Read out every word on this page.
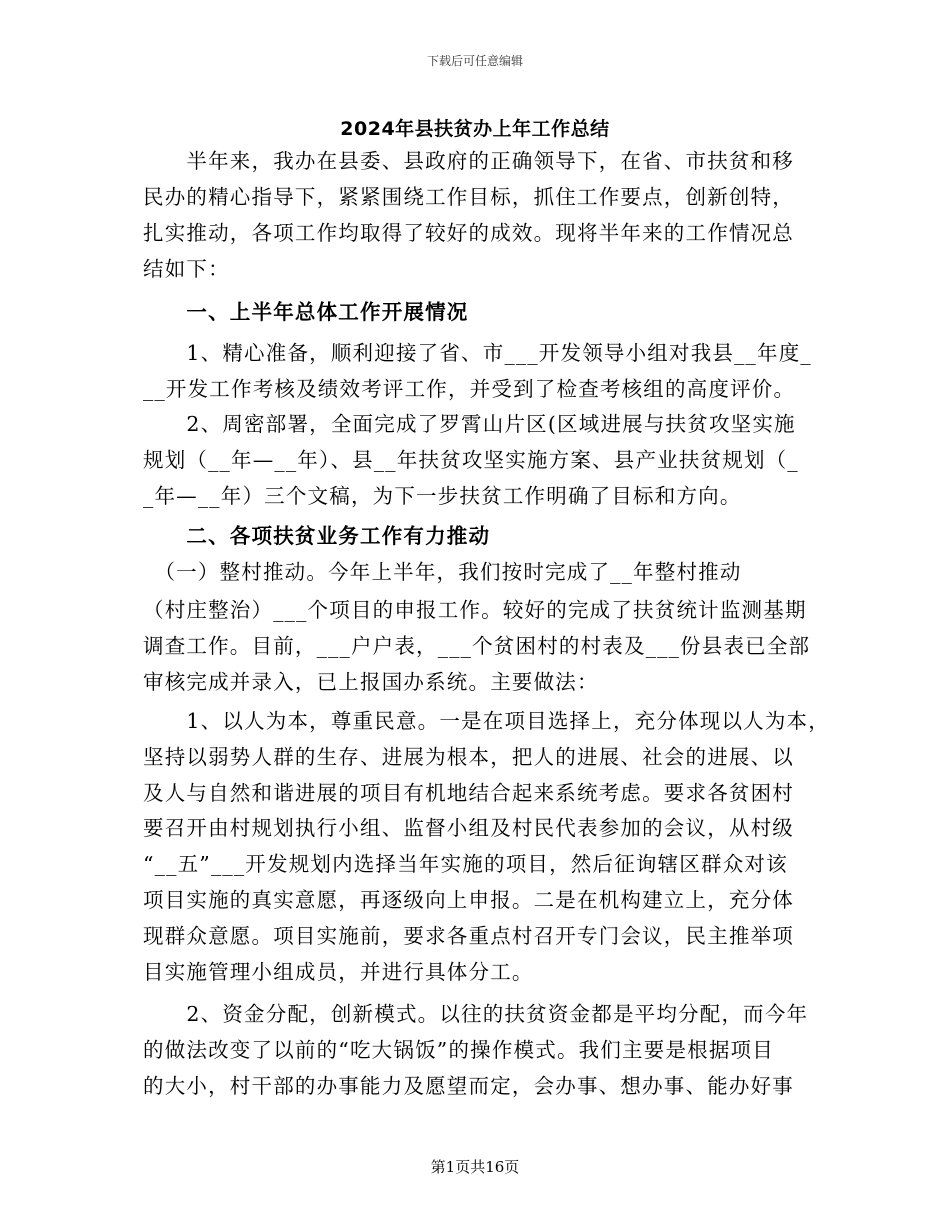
下载后可任意编辑
2024年县扶贫办上年工作总结
　　半年来，我办在县委、县政府的正确领导下，在省、市扶贫和移
民办的精心指导下，紧紧围绕工作目标，抓住工作要点，创新创特，
扎实推动，各项工作均取得了较好的成效。现将半年来的工作情况总
结如下：
　　一、上半年总体工作开展情况
　　1、精心准备，顺利迎接了省、市___开发领导小组对我县__年度_
__开发工作考核及绩效考评工作，并受到了检查考核组的高度评价。
　　2、周密部署，全面完成了罗霄山片区(区域进展与扶贫攻坚实施
规划（__年—__年）、县__年扶贫攻坚实施方案、县产业扶贫规划（_
_年—__年）三个文稿，为下一步扶贫工作明确了目标和方向。
　　二、各项扶贫业务工作有力推动
　（一）整村推动。今年上半年，我们按时完成了__年整村推动
（村庄整治）___个项目的申报工作。较好的完成了扶贫统计监测基期
调查工作。目前，___户户表，___个贫困村的村表及___份县表已全部
审核完成并录入，已上报国办系统。主要做法：
　　1、以人为本，尊重民意。一是在项目选择上，充分体现以人为本，
坚持以弱势人群的生存、进展为根本，把人的进展、社会的进展、以
及人与自然和谐进展的项目有机地结合起来系统考虑。要求各贫困村
要召开由村规划执行小组、监督小组及村民代表参加的会议，从村级
“__五”___开发规划内选择当年实施的项目，然后征询辖区群众对该
项目实施的真实意愿，再逐级向上申报。二是在机构建立上，充分体
现群众意愿。项目实施前，要求各重点村召开专门会议，民主推举项
目实施管理小组成员，并进行具体分工。
　　2、资金分配，创新模式。以往的扶贫资金都是平均分配，而今年
的做法改变了以前的“吃大锅饭”的操作模式。我们主要是根据项目
的大小，村干部的办事能力及愿望而定，会办事、想办事、能办好事
第1页共16页
